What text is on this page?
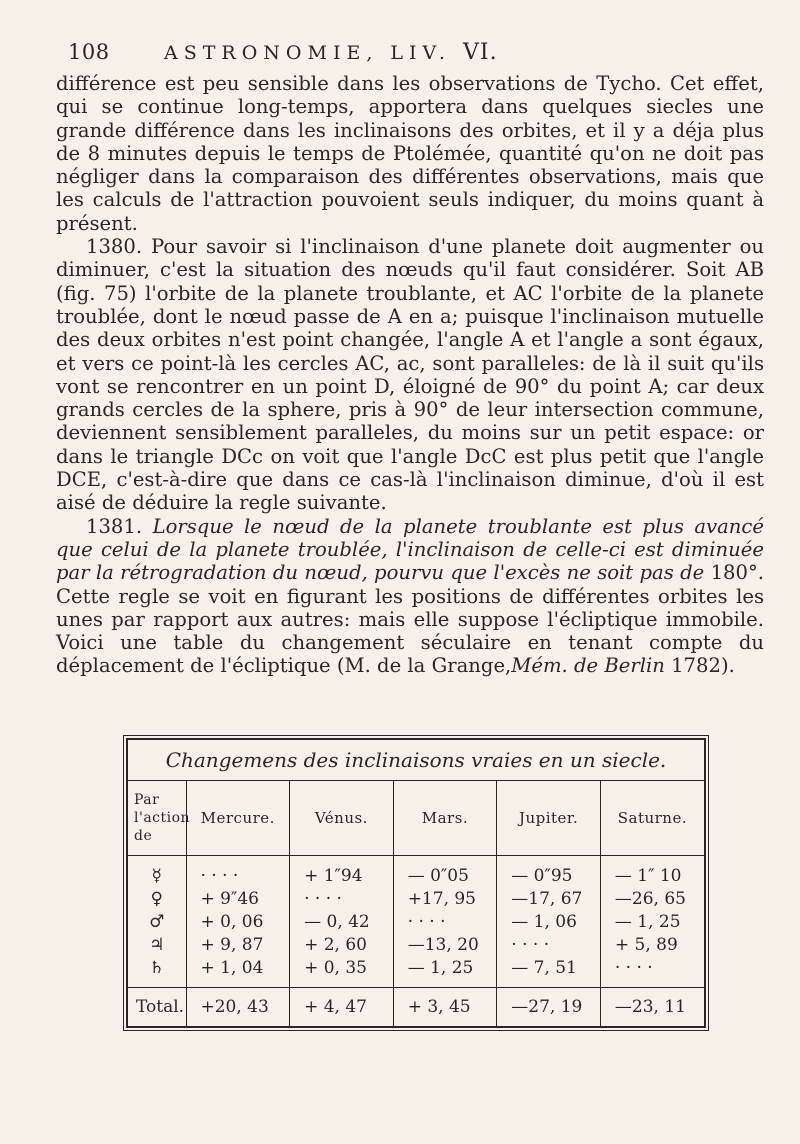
108	ASTRONOMIE, LIV. VI.

différence est peu sensible dans les observations de Tycho. Cet effet, qui se continue long-temps, apportera dans quelques siecles une grande différence dans les inclinaisons des orbites, et il y a déja plus de 8 minutes depuis le temps de Ptolémée, quantité qu'on ne doit pas négliger dans la comparaison des différentes observations, mais que les calculs de l'attraction pouvoient seuls indiquer, du moins quant à présent.

1380. Pour savoir si l'inclinaison d'une planete doit augmenter ou diminuer, c'est la situation des nœuds qu'il faut considérer. Soit AB (fig. 75) l'orbite de la planete troublante, et AC l'orbite de la planete troublée, dont le nœud passe de A en a; puisque l'inclinaison mutuelle des deux orbites n'est point changée, l'angle A et l'angle a sont égaux, et vers ce point-là les cercles AC, ac, sont paralleles: de là il suit qu'ils vont se rencontrer en un point D, éloigné de 90° du point A; car deux grands cercles de la sphere, pris à 90° de leur intersection commune, deviennent sensiblement paralleles, du moins sur un petit espace: or dans le triangle DCc on voit que l'angle DcC est plus petit que l'angle DCE, c'est-à-dire que dans ce cas-là l'inclinaison diminue, d'où il est aisé de déduire la regle suivante.

1381. Lorsque le nœud de la planete troublante est plus avancé que celui de la planete troublée, l'inclinaison de celle-ci est diminuée par la rétrogradation du nœud, pourvu que l'excès ne soit pas de 180°. Cette regle se voit en figurant les positions de différentes orbites les unes par rapport aux autres: mais elle suppose l'écliptique immobile. Voici une table du changement séculaire en tenant compte du déplacement de l'écliptique (M. de la Grange,Mém. de Berlin 1782).

Changemens des inclinaisons vraies en un siecle.
Par l'action de	Mercure.	Vénus.	Mars.	Jupiter.	Saturne.
☿	· · · ·	+ 1″94	— 0″05	— 0″95	— 1″ 10
♀	+ 9″46	· · · ·	+17, 95	—17, 67	—26, 65
♂	+ 0, 06	— 0, 42	· · · ·	— 1, 06	— 1, 25
♃	+ 9, 87	+ 2, 60	—13, 20	· · · ·	+ 5, 89
♄	+ 1, 04	+ 0, 35	— 1, 25	— 7, 51	· · · ·
Total.	+20, 43	+ 4, 47	+ 3, 45	—27, 19	—23, 11
